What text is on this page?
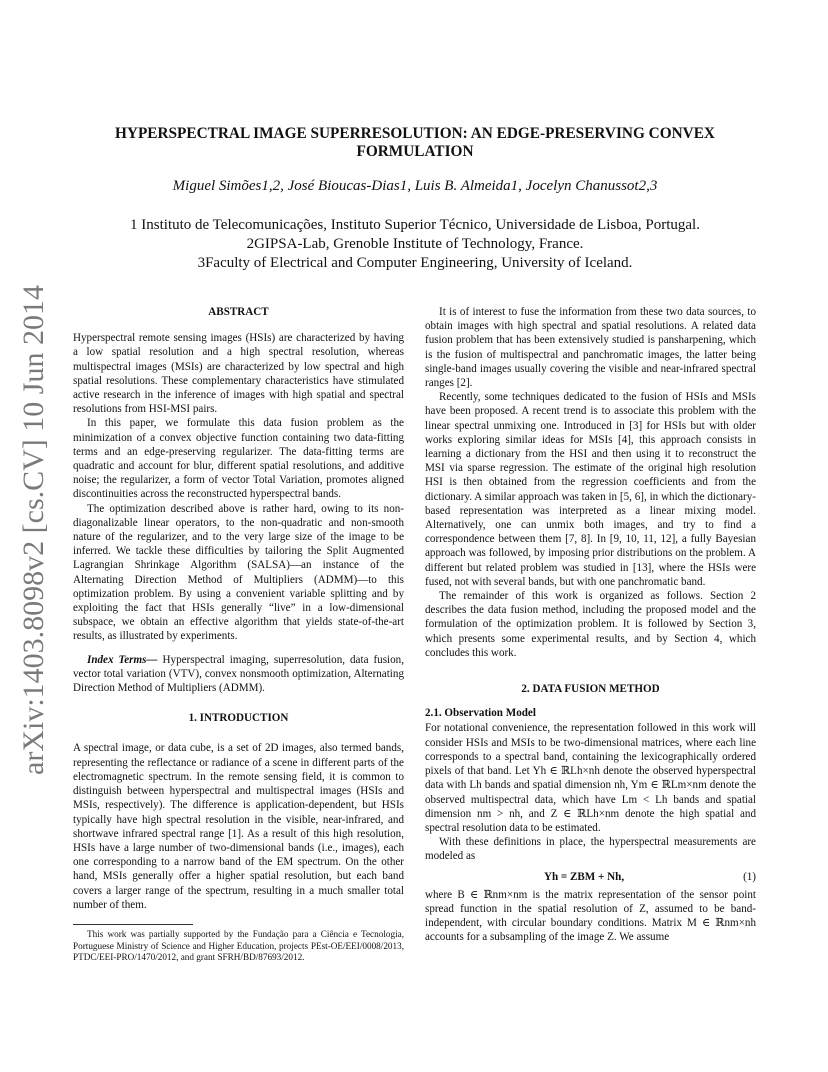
arXiv:1403.8098v2 [cs.CV] 10 Jun 2014
HYPERSPECTRAL IMAGE SUPERRESOLUTION: AN EDGE-PRESERVING CONVEX
FORMULATION
Miguel Simões1,2, José Bioucas-Dias1, Luis B. Almeida1, Jocelyn Chanussot2,3
1 Instituto de Telecomunicações, Instituto Superior Técnico, Universidade de Lisboa, Portugal.
2GIPSA-Lab, Grenoble Institute of Technology, France.
3Faculty of Electrical and Computer Engineering, University of Iceland.
ABSTRACT

Hyperspectral remote sensing images (HSIs) are characterized by having a low spatial resolution and a high spectral resolution, whereas multispectral images (MSIs) are characterized by low spectral and high spatial resolutions. These complementary characteristics have stimulated active research in the inference of images with high spatial and spectral resolutions from HSI-MSI pairs.

In this paper, we formulate this data fusion problem as the minimization of a convex objective function containing two data-fitting terms and an edge-preserving regularizer. The data-fitting terms are quadratic and account for blur, different spatial resolutions, and additive noise; the regularizer, a form of vector Total Variation, promotes aligned discontinuities across the reconstructed hyperspectral bands.

The optimization described above is rather hard, owing to its non-diagonalizable linear operators, to the non-quadratic and non-smooth nature of the regularizer, and to the very large size of the image to be inferred. We tackle these difficulties by tailoring the Split Augmented Lagrangian Shrinkage Algorithm (SALSA)—an instance of the Alternating Direction Method of Multipliers (ADMM)—to this optimization problem. By using a convenient variable splitting and by exploiting the fact that HSIs generally “live” in a low-dimensional subspace, we obtain an effective algorithm that yields state-of-the-art results, as illustrated by experiments.

Index Terms— Hyperspectral imaging, superresolution, data fusion, vector total variation (VTV), convex nonsmooth optimization, Alternating Direction Method of Multipliers (ADMM).

1. INTRODUCTION

A spectral image, or data cube, is a set of 2D images, also termed bands, representing the reflectance or radiance of a scene in different parts of the electromagnetic spectrum. In the remote sensing field, it is common to distinguish between hyperspectral and multispectral images (HSIs and MSIs, respectively). The difference is application-dependent, but HSIs typically have high spectral resolution in the visible, near-infrared, and shortwave infrared spectral range [1]. As a result of this high resolution, HSIs have a large number of two-dimensional bands (i.e., images), each one corresponding to a narrow band of the EM spectrum. On the other hand, MSIs generally offer a higher spatial resolution, but each band covers a larger range of the spectrum, resulting in a much smaller total number of them.

This work was partially supported by the Fundação para a Ciência e Tecnologia, Portuguese Ministry of Science and Higher Education, projects PEst-OE/EEI/0008/2013, PTDC/EEI-PRO/1470/2012, and grant SFRH/BD/87693/2012.

It is of interest to fuse the information from these two data sources, to obtain images with high spectral and spatial resolutions. A related data fusion problem that has been extensively studied is pansharpening, which is the fusion of multispectral and panchromatic images, the latter being single-band images usually covering the visible and near-infrared spectral ranges [2].

Recently, some techniques dedicated to the fusion of HSIs and MSIs have been proposed. A recent trend is to associate this problem with the linear spectral unmixing one. Introduced in [3] for HSIs but with older works exploring similar ideas for MSIs [4], this approach consists in learning a dictionary from the HSI and then using it to reconstruct the MSI via sparse regression. The estimate of the original high resolution HSI is then obtained from the regression coefficients and from the dictionary. A similar approach was taken in [5, 6], in which the dictionary-based representation was interpreted as a linear mixing model. Alternatively, one can unmix both images, and try to find a correspondence between them [7, 8]. In [9, 10, 11, 12], a fully Bayesian approach was followed, by imposing prior distributions on the problem. A different but related problem was studied in [13], where the HSIs were fused, not with several bands, but with one panchromatic band.

The remainder of this work is organized as follows. Section 2 describes the data fusion method, including the proposed model and the formulation of the optimization problem. It is followed by Section 3, which presents some experimental results, and by Section 4, which concludes this work.

2. DATA FUSION METHOD
2.1. Observation Model

For notational convenience, the representation followed in this work will consider HSIs and MSIs to be two-dimensional matrices, where each line corresponds to a spectral band, containing the lexicographically ordered pixels of that band. Let Yh ∈ ℝLh×nh denote the observed hyperspectral data with Lh bands and spatial dimension nh, Ym ∈ ℝLm×nm denote the observed multispectral data, which have Lm < Lh bands and spatial dimension nm > nh, and Z ∈ ℝLh×nm denote the high spatial and spectral resolution data to be estimated.

With these definitions in place, the hyperspectral measurements are modeled as

Yh = ZBM + Nh,	(1)

where B ∈ ℝnm×nm is the matrix representation of the sensor point spread function in the spatial resolution of Z, assumed to be band-independent, with circular boundary conditions. Matrix M ∈ ℝnm×nh accounts for a subsampling of the image Z. We assume
